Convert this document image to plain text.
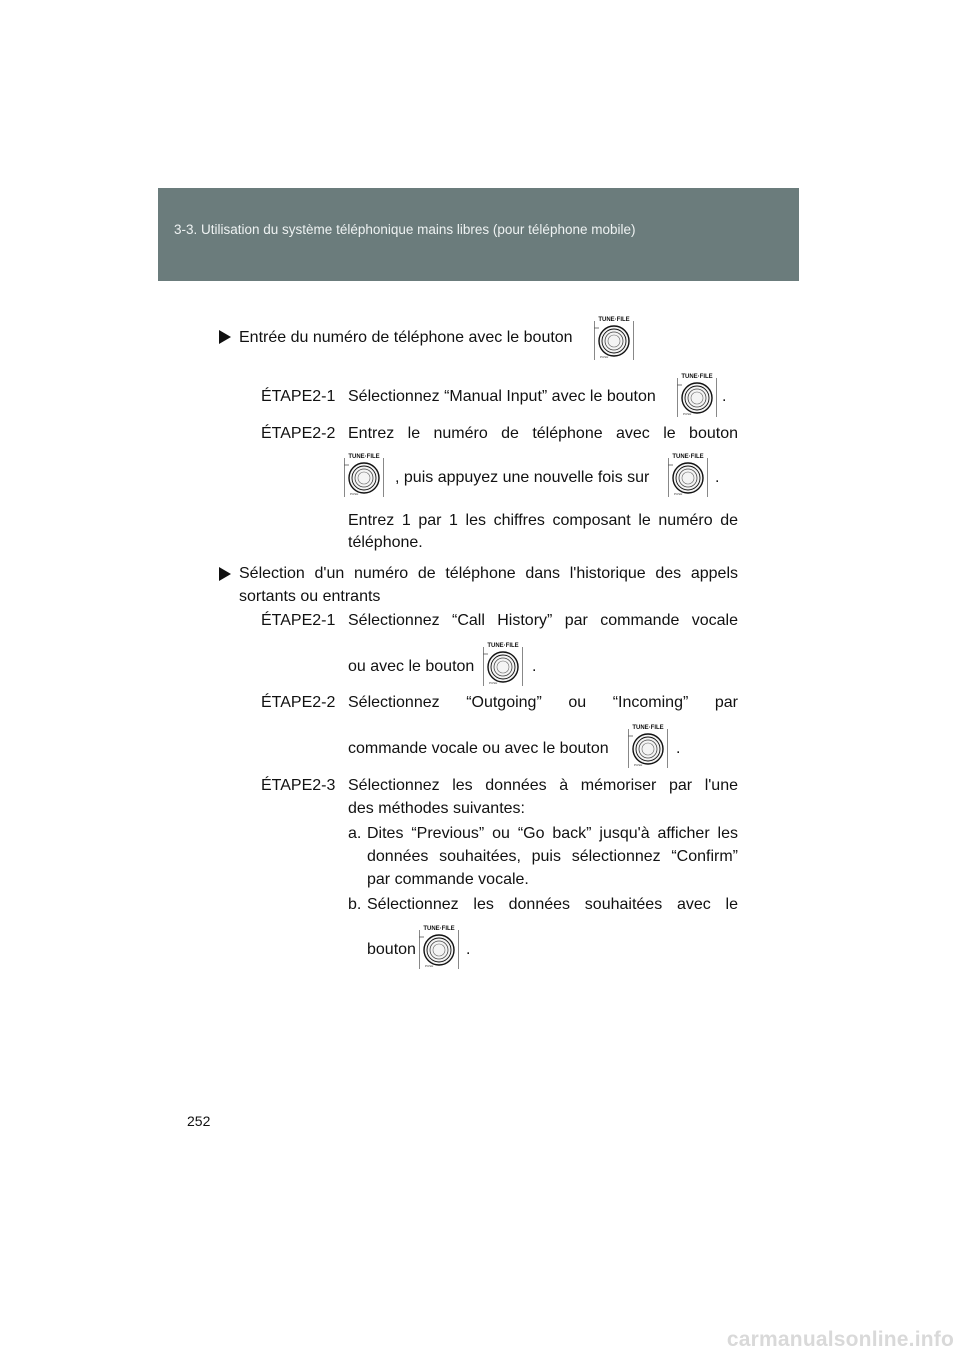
3-3. Utilisation du système téléphonique mains libres (pour téléphone mobile)
Entrée du numéro de téléphone avec le bouton
TUNE·FILE
PUSH
ÉTAPE2-1 Sélectionnez “Manual Input” avec le bouton
TUNE·FILE
PUSH
.
ÉTAPE2-2 Entrez le numéro de téléphone avec le bouton
TUNE·FILE
PUSH
, puis appuyez une nouvelle fois sur
TUNE·FILE
PUSH
.
Entrez 1 par 1 les chiffres composant le numéro de
téléphone.
Sélection d'un numéro de téléphone dans l'historique des appels
sortants ou entrants
ÉTAPE2-1 Sélectionnez “Call History” par commande vocale
ou avec le bouton
TUNE·FILE
PUSH
.
ÉTAPE2-2 Sélectionnez “Outgoing” ou “Incoming” par
commande vocale ou avec le bouton
TUNE·FILE
PUSH
.
ÉTAPE2-3 Sélectionnez les données à mémoriser par l'une
des méthodes suivantes:
a. Dites “Previous” ou “Go back” jusqu'à afficher les
données souhaitées, puis sélectionnez “Confirm”
par commande vocale.
b. Sélectionnez les données souhaitées avec le
bouton
TUNE·FILE
PUSH
.
252
carmanualsonline.info
